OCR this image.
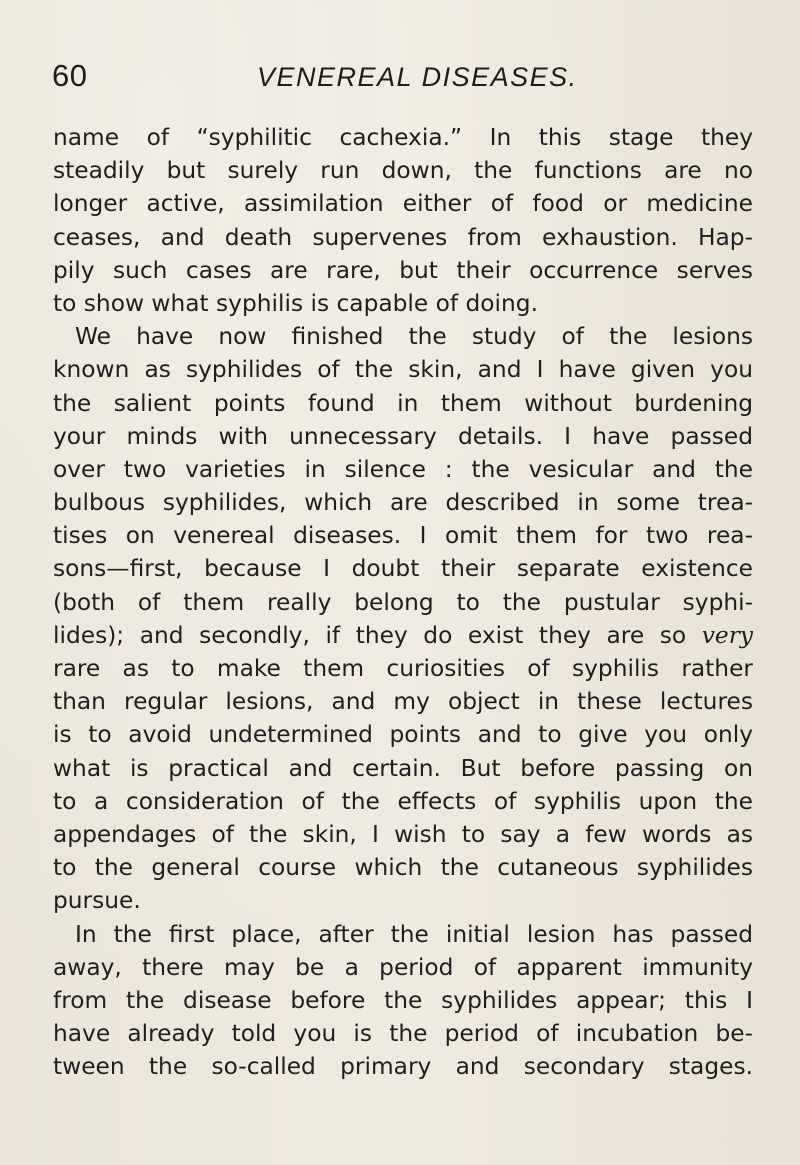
60	VENEREAL DISEASES.
name of “syphilitic cachexia.” In this stage they
steadily but surely run down, the functions are no
longer active, assimilation either of food or medicine
ceases, and death supervenes from exhaustion. Hap-
pily such cases are rare, but their occurrence serves
to show what syphilis is capable of doing.
We have now finished the study of the lesions
known as syphilides of the skin, and I have given you
the salient points found in them without burdening
your minds with unnecessary details. I have passed
over two varieties in silence : the vesicular and the
bulbous syphilides, which are described in some trea-
tises on venereal diseases. I omit them for two rea-
sons—first, because I doubt their separate existence
(both of them really belong to the pustular syphi-
lides); and secondly, if they do exist they are so very
rare as to make them curiosities of syphilis rather
than regular lesions, and my object in these lectures
is to avoid undetermined points and to give you only
what is practical and certain. But before passing on
to a consideration of the effects of syphilis upon the
appendages of the skin, I wish to say a few words as
to the general course which the cutaneous syphilides
pursue.
In the first place, after the initial lesion has passed
away, there may be a period of apparent immunity
from the disease before the syphilides appear; this I
have already told you is the period of incubation be-
tween the so-called primary and secondary stages.
